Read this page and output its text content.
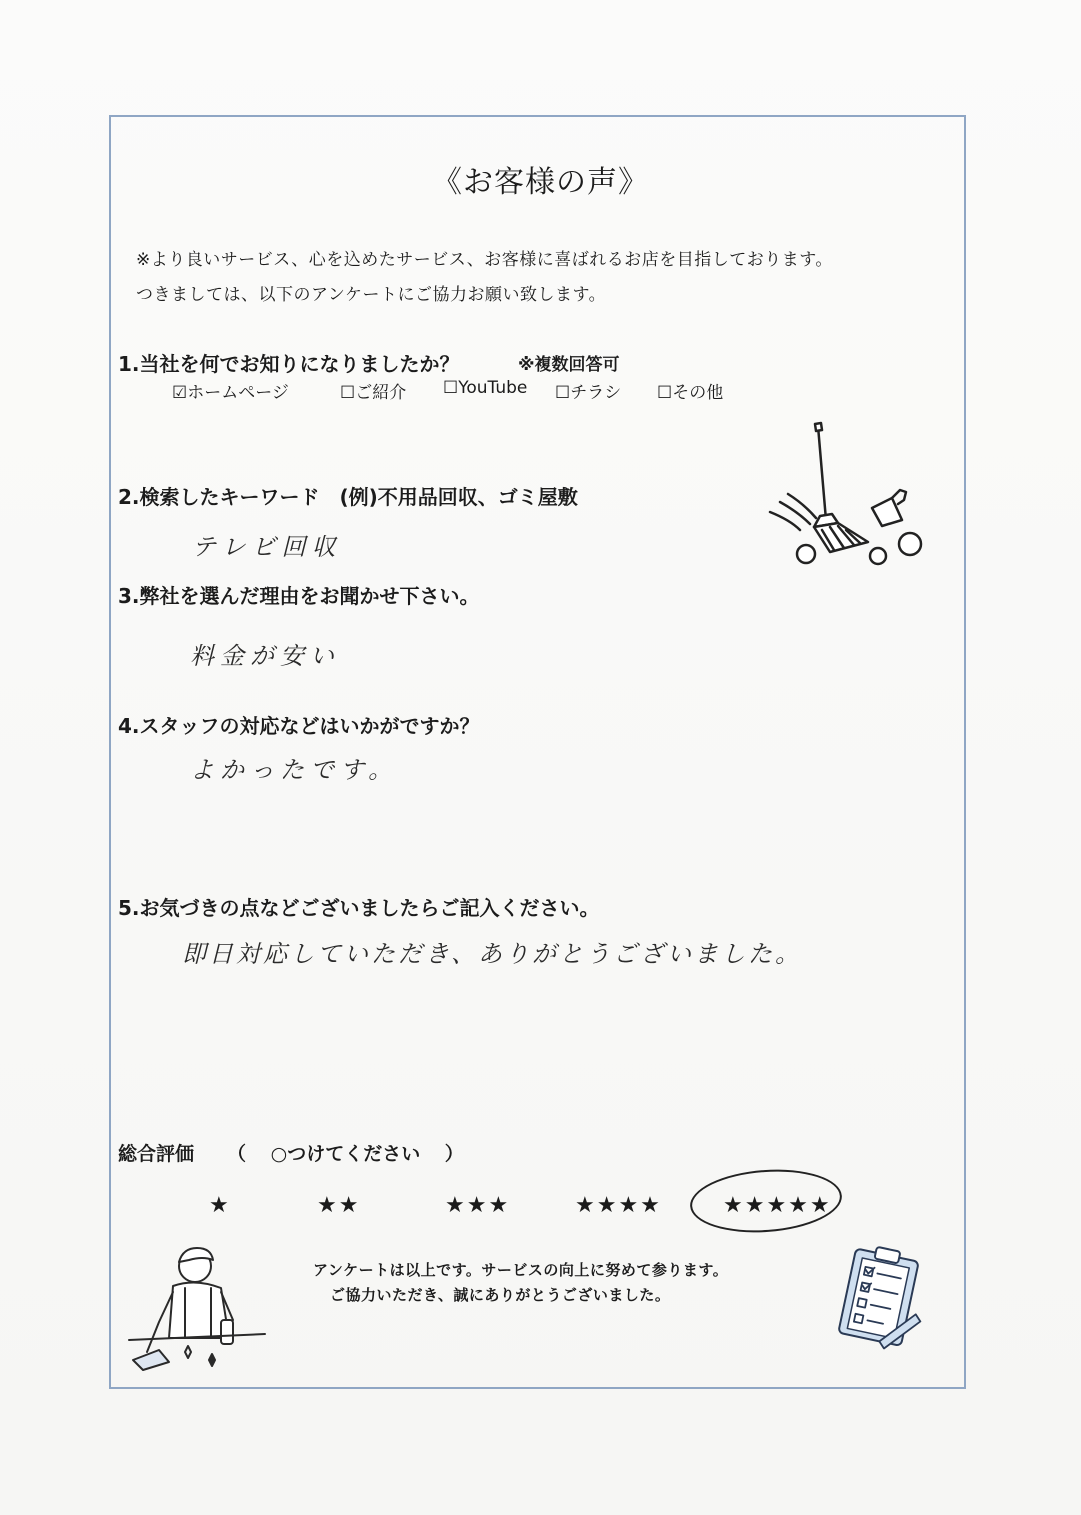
《お客様の声》
※より良いサービス、心を込めたサービス、お客様に喜ばれるお店を目指しております。
つきましては、以下のアンケートにご協力お願い致します。
1.当社を何でお知りになりましたか？	※複数回答可
☑ホームページ	☐ご紹介 ☐YouTube ☐チラシ ☐その他
2.検索したキーワード　(例)不用品回収、ゴミ屋敷
テレビ回収
3.弊社を選んだ理由をお聞かせ下さい。
料金が安い
4.スタッフの対応などはいかがですか？
よかったです。
5.お気づきの点などございましたらご記入ください。
即日対応していただき、ありがとうございました。
総合評価 （ ○つけてください ）
★	★★	★★★	★★★★	★★★★★
アンケートは以上です。サービスの向上に努めて参ります。
ご協力いただき、誠にありがとうございました。
